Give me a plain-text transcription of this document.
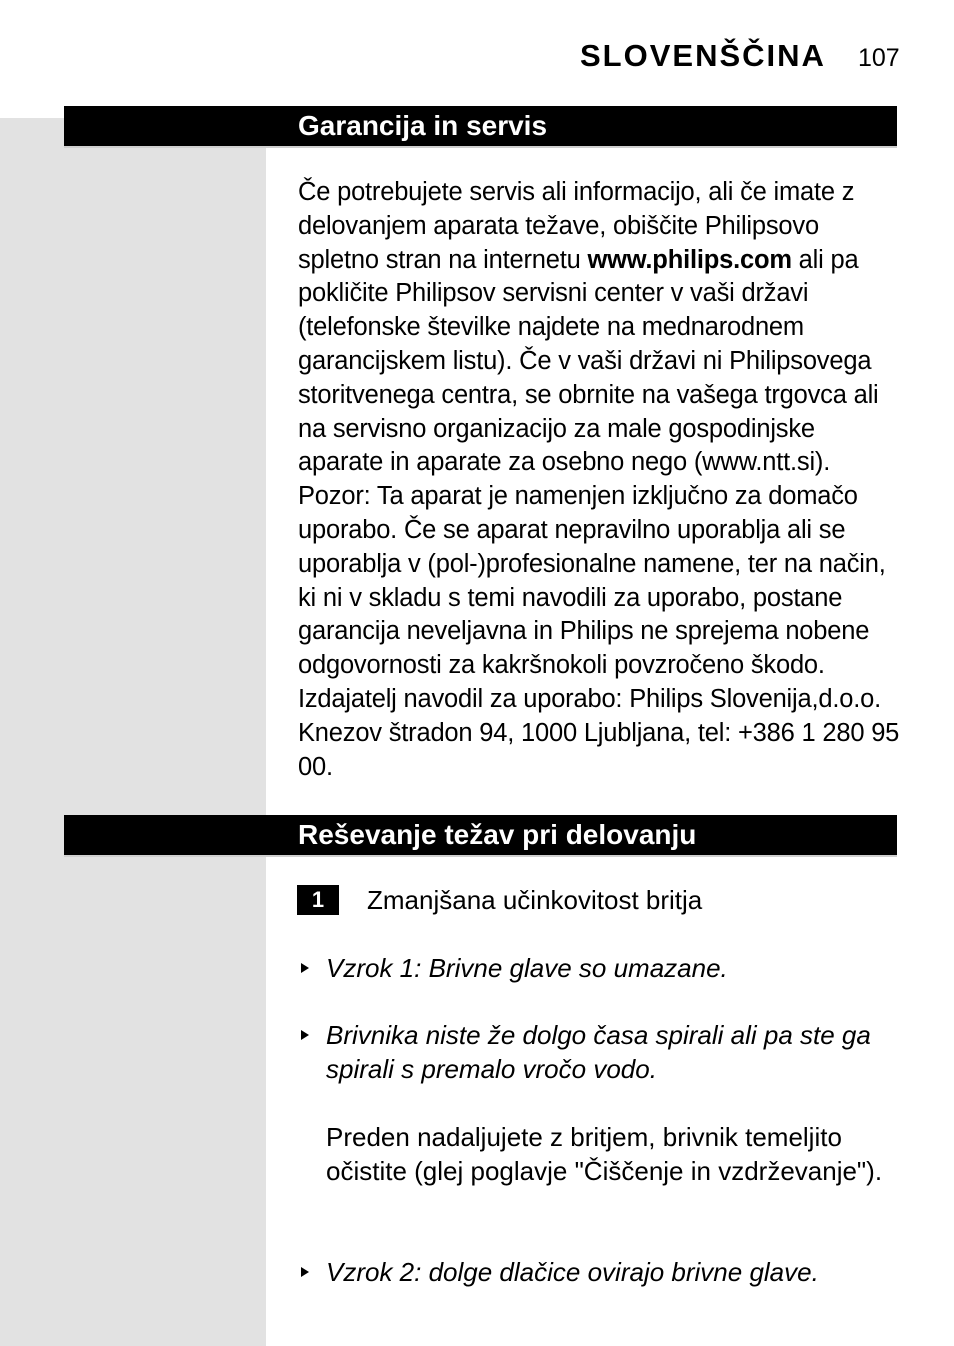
SLOVENŠČINA 107
Garancija in servis

Če potrebujete servis ali informacijo, ali če imate z delovanjem aparata težave, obiščite Philipsovo spletno stran na internetu www.philips.com ali pa pokličite Philipsov servisni center v vaši državi (telefonske številke najdete na mednarodnem garancijskem listu). Če v vaši državi ni Philipsovega storitvenega centra, se obrnite na vašega trgovca ali na servisno organizacijo za male gospodinjske aparate in aparate za osebno nego (www.ntt.si). Pozor: Ta aparat je namenjen izključno za domačo uporabo. Če se aparat nepravilno uporablja ali se uporablja v (pol-)profesionalne namene, ter na način, ki ni v skladu s temi navodili za uporabo, postane garancija neveljavna in Philips ne sprejema nobene odgovornosti za kakršnokoli povzročeno škodo. Izdajatelj navodil za uporabo: Philips Slovenija,d.o.o. Knezov štradon 94, 1000 Ljubljana, tel: +386 1 280 95 00.

Reševanje težav pri delovanju
1	Zmanjšana učinkovitost britja

Vzrok 1: Brivne glave so umazane.

Brivnika niste že dolgo časa spirali ali pa ste ga spirali s premalo vročo vodo.

Preden nadaljujete z britjem, brivnik temeljito očistite (glej poglavje "Čiščenje in vzdrževanje").

Vzrok 2: dolge dlačice ovirajo brivne glave.
